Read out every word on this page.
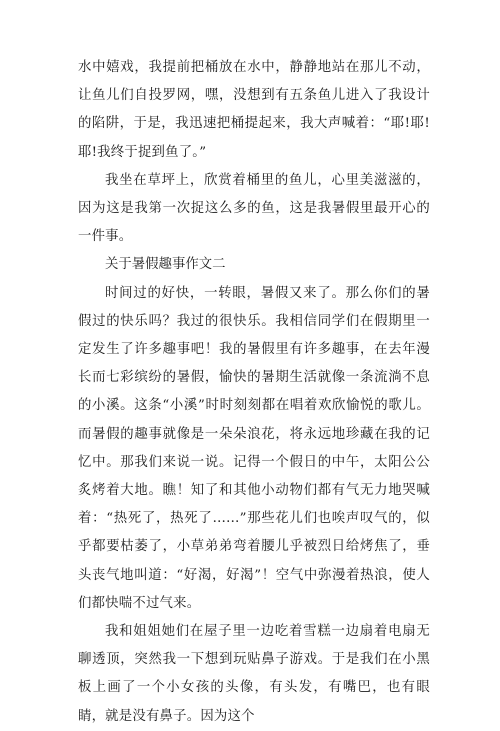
水中嬉戏，我提前把桶放在水中，静静地站在那儿不动，让鱼儿们自投罗网，嘿，没想到有五条鱼儿进入了我设计的陷阱，于是，我迅速把桶提起来，我大声喊着：“耶!耶!耶!我终于捉到鱼了。”

我坐在草坪上，欣赏着桶里的鱼儿，心里美滋滋的，因为这是我第一次捉这么多的鱼，这是我暑假里最开心的一件事。

关于暑假趣事作文二

时间过的好快，一转眼，暑假又来了。那么你们的暑假过的快乐吗？我过的很快乐。我相信同学们在假期里一定发生了许多趣事吧！我的暑假里有许多趣事，在去年漫长而七彩缤纷的暑假，愉快的暑期生活就像一条流淌不息的小溪。这条“小溪”时时刻刻都在唱着欢欣愉悦的歌儿。而暑假的趣事就像是一朵朵浪花，将永远地珍藏在我的记忆中。那我们来说一说。记得一个假日的中午，太阳公公炙烤着大地。瞧！知了和其他小动物们都有气无力地哭喊着：“热死了，热死了……”那些花儿们也唉声叹气的，似乎都要枯萎了，小草弟弟弯着腰儿乎被烈日给烤焦了，垂头丧气地叫道：“好渴，好渴”！空气中弥漫着热浪，使人们都快喘不过气来。

我和姐姐她们在屋子里一边吃着雪糕一边扇着电扇无聊透顶，突然我一下想到玩贴鼻子游戏。于是我们在小黑板上画了一个小女孩的头像，有头发，有嘴巴，也有眼睛，就是没有鼻子。因为这个
